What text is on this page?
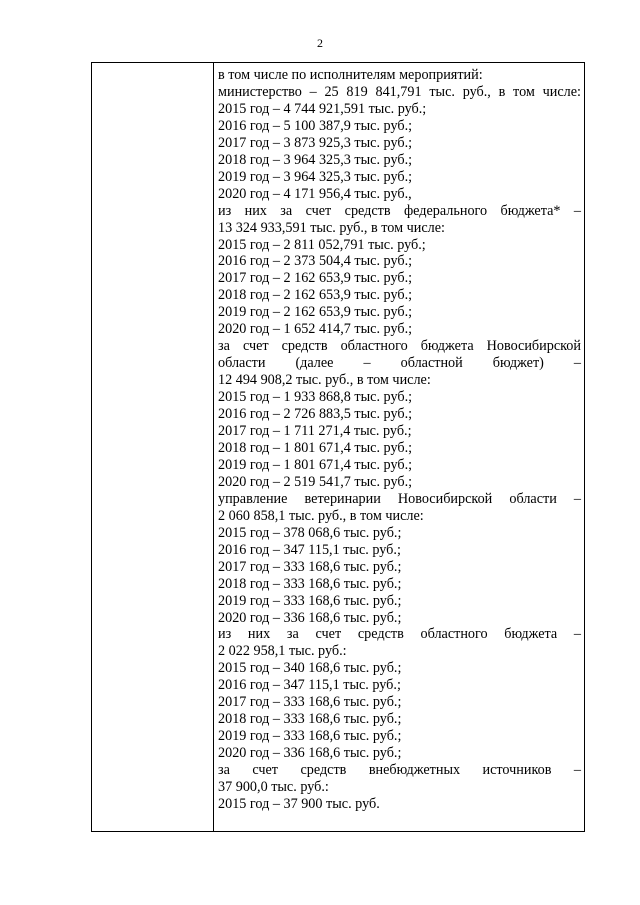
2
в том числе по исполнителям мероприятий:
министерство – 25 819 841,791 тыс. руб., в том числе:
2015 год – 4 744 921,591 тыс. руб.;
2016 год – 5 100 387,9 тыс. руб.;
2017 год – 3 873 925,3 тыс. руб.;
2018 год – 3 964 325,3 тыс. руб.;
2019 год – 3 964 325,3 тыс. руб.;
2020 год – 4 171 956,4 тыс. руб.,
из них за счет средств федерального бюджета* –
13 324 933,591 тыс. руб., в том числе:
2015 год – 2 811 052,791 тыс. руб.;
2016 год – 2 373 504,4 тыс. руб.;
2017 год – 2 162 653,9 тыс. руб.;
2018 год – 2 162 653,9 тыс. руб.;
2019 год – 2 162 653,9 тыс. руб.;
2020 год – 1 652 414,7 тыс. руб.;
за счет средств областного бюджета Новосибирской
области (далее – областной бюджет) –
12 494 908,2 тыс. руб., в том числе:
2015 год – 1 933 868,8 тыс. руб.;
2016 год – 2 726 883,5 тыс. руб.;
2017 год – 1 711 271,4 тыс. руб.;
2018 год – 1 801 671,4 тыс. руб.;
2019 год – 1 801 671,4 тыс. руб.;
2020 год – 2 519 541,7 тыс. руб.;
управление ветеринарии Новосибирской области –
2 060 858,1 тыс. руб., в том числе:
2015 год – 378 068,6 тыс. руб.;
2016 год – 347 115,1 тыс. руб.;
2017 год – 333 168,6 тыс. руб.;
2018 год – 333 168,6 тыс. руб.;
2019 год – 333 168,6 тыс. руб.;
2020 год – 336 168,6 тыс. руб.;
из них за счет средств областного бюджета –
2 022 958,1 тыс. руб.:
2015 год – 340 168,6 тыс. руб.;
2016 год – 347 115,1 тыс. руб.;
2017 год – 333 168,6 тыс. руб.;
2018 год – 333 168,6 тыс. руб.;
2019 год – 333 168,6 тыс. руб.;
2020 год – 336 168,6 тыс. руб.;
за счет средств внебюджетных источников –
37 900,0 тыс. руб.:
2015 год – 37 900 тыс. руб.
